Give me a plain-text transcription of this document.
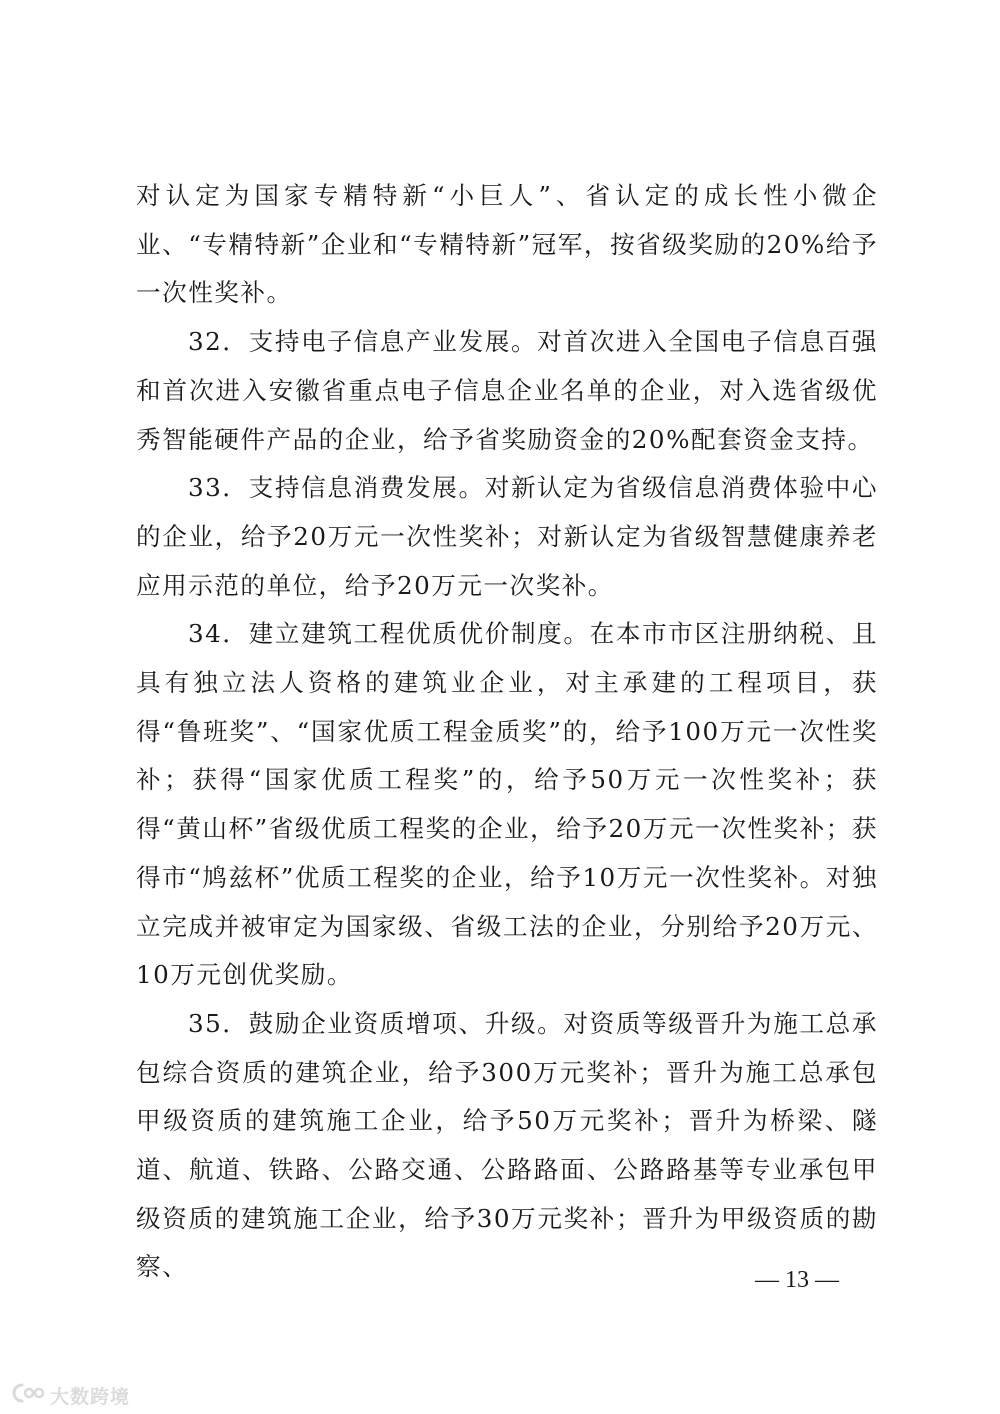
对认定为国家专精特新“小巨人”、省认定的成长性小微企业、“专精特新”企业和“专精特新”冠军，按省级奖励的20%给予一次性奖补。

32．支持电子信息产业发展。对首次进入全国电子信息百强和首次进入安徽省重点电子信息企业名单的企业，对入选省级优秀智能硬件产品的企业，给予省奖励资金的20%配套资金支持。

33．支持信息消费发展。对新认定为省级信息消费体验中心的企业，给予20万元一次性奖补；对新认定为省级智慧健康养老应用示范的单位，给予20万元一次奖补。

34．建立建筑工程优质优价制度。在本市市区注册纳税、且具有独立法人资格的建筑业企业，对主承建的工程项目，获得“鲁班奖”、“国家优质工程金质奖”的，给予100万元一次性奖补；获得“国家优质工程奖”的，给予50万元一次性奖补；获得“黄山杯”省级优质工程奖的企业，给予20万元一次性奖补；获得市“鸠兹杯”优质工程奖的企业，给予10万元一次性奖补。对独立完成并被审定为国家级、省级工法的企业，分别给予20万元、10万元创优奖励。

35．鼓励企业资质增项、升级。对资质等级晋升为施工总承包综合资质的建筑企业，给予300万元奖补；晋升为施工总承包甲级资质的建筑施工企业，给予50万元奖补；晋升为桥梁、隧道、航道、铁路、公路交通、公路路面、公路路基等专业承包甲级资质的建筑施工企业，给予30万元奖补；晋升为甲级资质的勘察、	— 13 —
大数跨境
